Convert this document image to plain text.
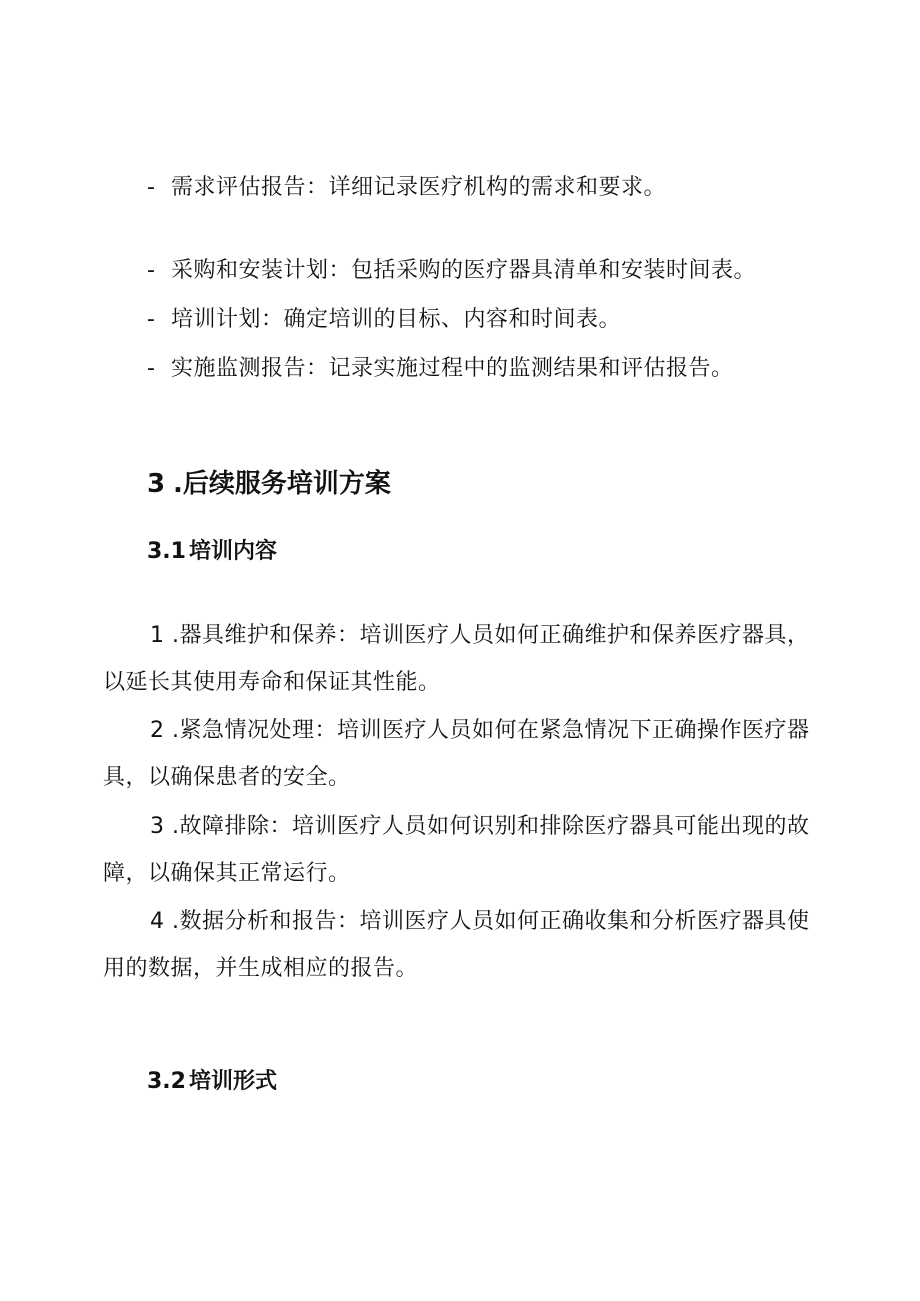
- 需求评估报告：详细记录医疗机构的需求和要求。
- 采购和安装计划：包括采购的医疗器具清单和安装时间表。
- 培训计划：确定培训的目标、内容和时间表。
- 实施监测报告：记录实施过程中的监测结果和评估报告。
3 .后续服务培训方案
3.1 培训内容

1 .器具维护和保养：培训医疗人员如何正确维护和保养医疗器具，以延长其使用寿命和保证其性能。

2 .紧急情况处理：培训医疗人员如何在紧急情况下正确操作医疗器具，以确保患者的安全。

3 .故障排除：培训医疗人员如何识别和排除医疗器具可能出现的故障，以确保其正常运行。

4 .数据分析和报告：培训医疗人员如何正确收集和分析医疗器具使用的数据，并生成相应的报告。

3.2 培训形式
